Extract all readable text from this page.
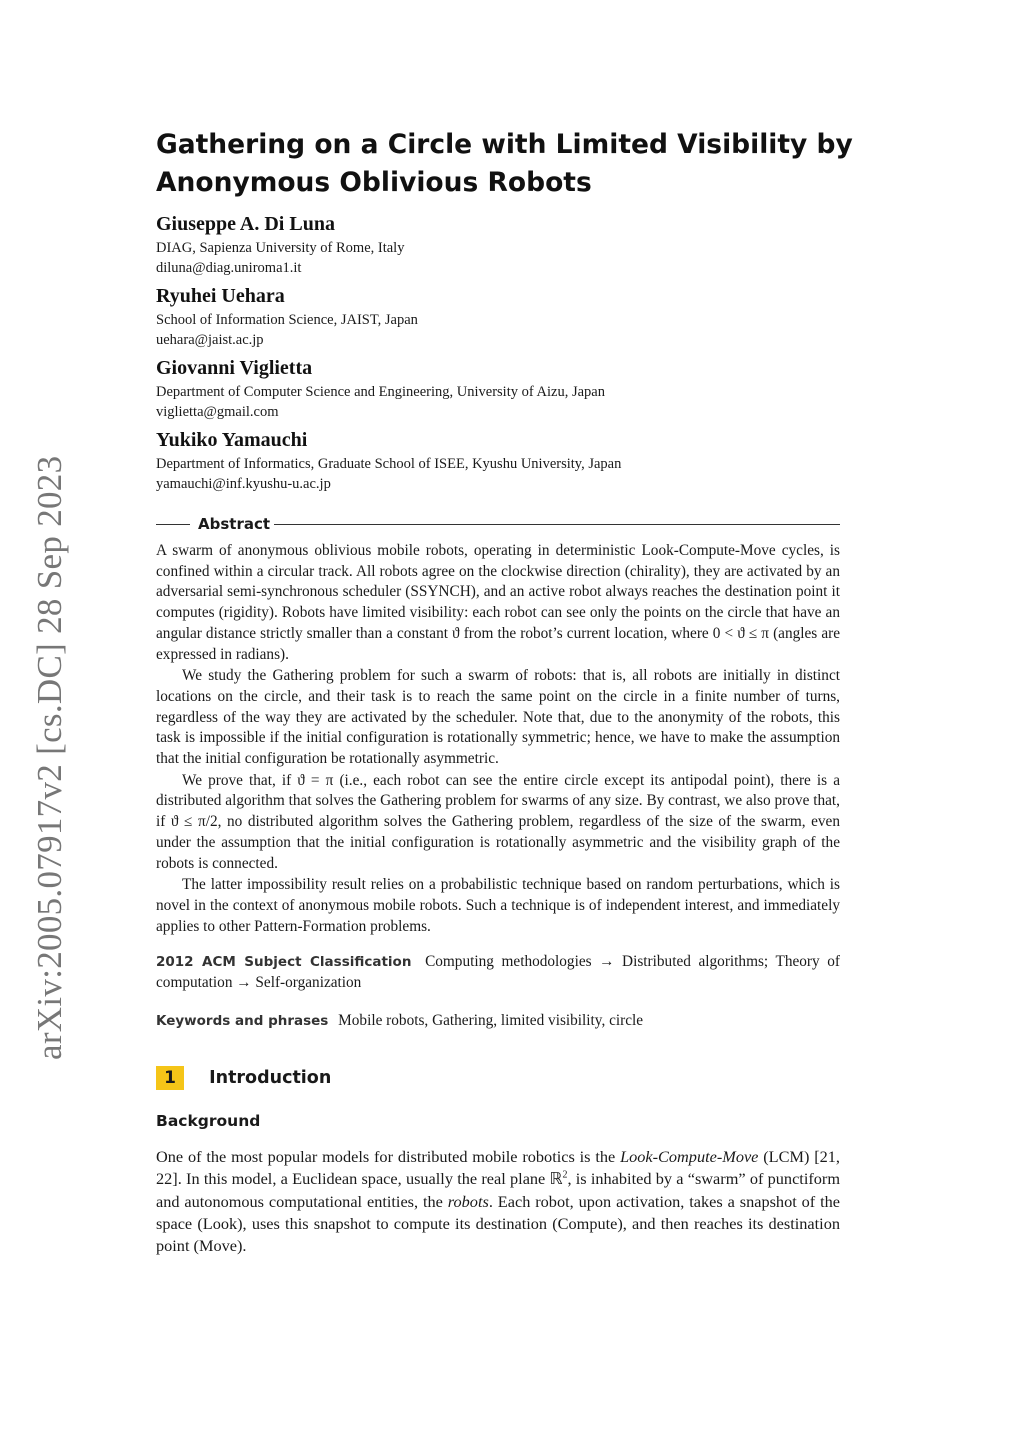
arXiv:2005.07917v2 [cs.DC] 28 Sep 2023
Gathering on a Circle with Limited Visibility by Anonymous Oblivious Robots
Giuseppe A. Di Luna
DIAG, Sapienza University of Rome, Italy
diluna@diag.uniroma1.it
Ryuhei Uehara
School of Information Science, JAIST, Japan
uehara@jaist.ac.jp
Giovanni Viglietta
Department of Computer Science and Engineering, University of Aizu, Japan
viglietta@gmail.com
Yukiko Yamauchi
Department of Informatics, Graduate School of ISEE, Kyushu University, Japan
yamauchi@inf.kyushu-u.ac.jp
Abstract

A swarm of anonymous oblivious mobile robots, operating in deterministic Look-Compute-Move cycles, is confined within a circular track. All robots agree on the clockwise direction (chirality), they are activated by an adversarial semi-synchronous scheduler (SSYNCH), and an active robot always reaches the destination point it computes (rigidity). Robots have limited visibility: each robot can see only the points on the circle that have an angular distance strictly smaller than a constant ϑ from the robot’s current location, where 0 < ϑ ≤ π (angles are expressed in radians).

We study the Gathering problem for such a swarm of robots: that is, all robots are initially in distinct locations on the circle, and their task is to reach the same point on the circle in a finite number of turns, regardless of the way they are activated by the scheduler. Note that, due to the anonymity of the robots, this task is impossible if the initial configuration is rotationally symmetric; hence, we have to make the assumption that the initial configuration be rotationally asymmetric.

We prove that, if ϑ = π (i.e., each robot can see the entire circle except its antipodal point), there is a distributed algorithm that solves the Gathering problem for swarms of any size. By contrast, we also prove that, if ϑ ≤ π/2, no distributed algorithm solves the Gathering problem, regardless of the size of the swarm, even under the assumption that the initial configuration is rotationally asymmetric and the visibility graph of the robots is connected.

The latter impossibility result relies on a probabilistic technique based on random perturbations, which is novel in the context of anonymous mobile robots. Such a technique is of independent interest, and immediately applies to other Pattern-Formation problems.

2012 ACM Subject Classification Computing methodologies → Distributed algorithms; Theory of computation → Self-organization
Keywords and phrases Mobile robots, Gathering, limited visibility, circle
1 Introduction
Background

One of the most popular models for distributed mobile robotics is the Look-Compute-Move (LCM) [21, 22]. In this model, a Euclidean space, usually the real plane ℝ$^2$, is inhabited by a “swarm” of punctiform and autonomous computational entities, the robots. Each robot, upon activation, takes a snapshot of the space (Look), uses this snapshot to compute its destination (Compute), and then reaches its destination point (Move).
